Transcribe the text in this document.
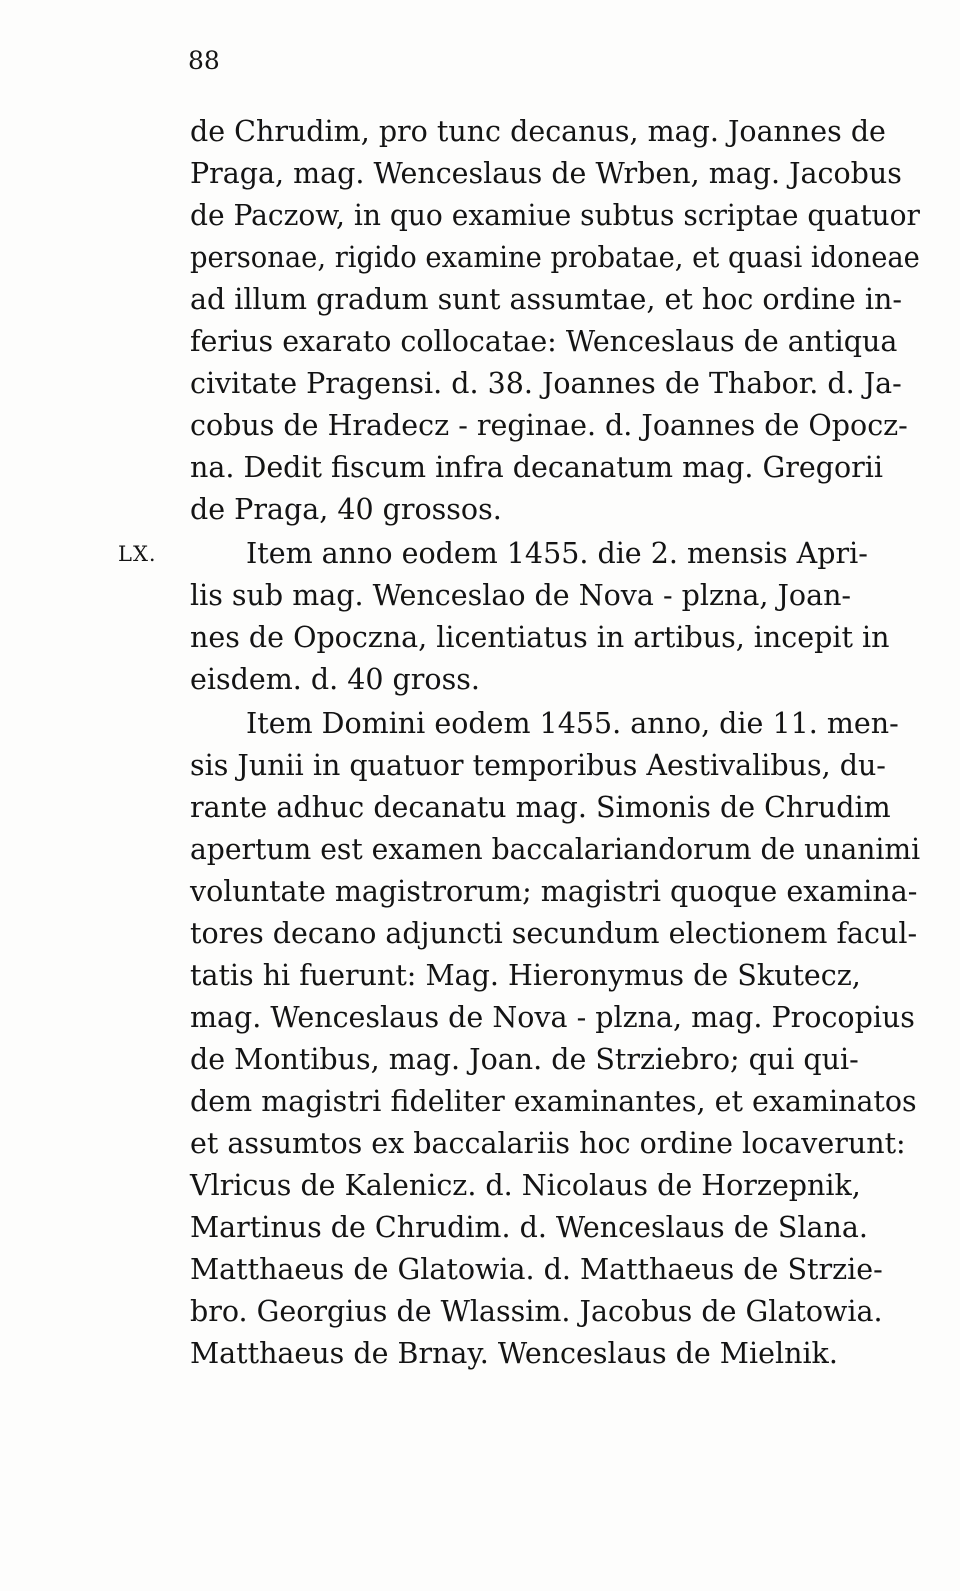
88
LX.
de Chrudim, pro tunc decanus, mag. Joannes de
Praga, mag. Wenceslaus de Wrben, mag. Jacobus
de Paczow, in quo examiue subtus scriptae quatuor
personae, rigido examine probatae, et quasi idoneae
ad illum gradum sunt assumtae, et hoc ordine in-
ferius exarato collocatae: Wenceslaus de antiqua
civitate Pragensi. d. 38. Joannes de Thabor. d. Ja-
cobus de Hradecz - reginae. d. Joannes de Opocz-
na. Dedit fiscum infra decanatum mag. Gregorii
de Praga, 40 grossos.
Item anno eodem 1455. die 2. mensis Apri-
lis sub mag. Wenceslao de Nova - plzna, Joan-
nes de Opoczna, licentiatus in artibus, incepit in
eisdem. d. 40 gross.
Item Domini eodem 1455. anno, die 11. men-
sis Junii in quatuor temporibus Aestivalibus, du-
rante adhuc decanatu mag. Simonis de Chrudim
apertum est examen baccalariandorum de unanimi
voluntate magistrorum; magistri quoque examina-
tores decano adjuncti secundum electionem facul-
tatis hi fuerunt: Mag. Hieronymus de Skutecz,
mag. Wenceslaus de Nova - plzna, mag. Procopius
de Montibus, mag. Joan. de Strziebro; qui qui-
dem magistri fideliter examinantes, et examinatos
et assumtos ex baccalariis hoc ordine locaverunt:
Vlricus de Kalenicz. d. Nicolaus de Horzepnik,
Martinus de Chrudim. d. Wenceslaus de Slana.
Matthaeus de Glatowia. d. Matthaeus de Strzie-
bro. Georgius de Wlassim. Jacobus de Glatowia.
Matthaeus de Brnay. Wenceslaus de Mielnik.
